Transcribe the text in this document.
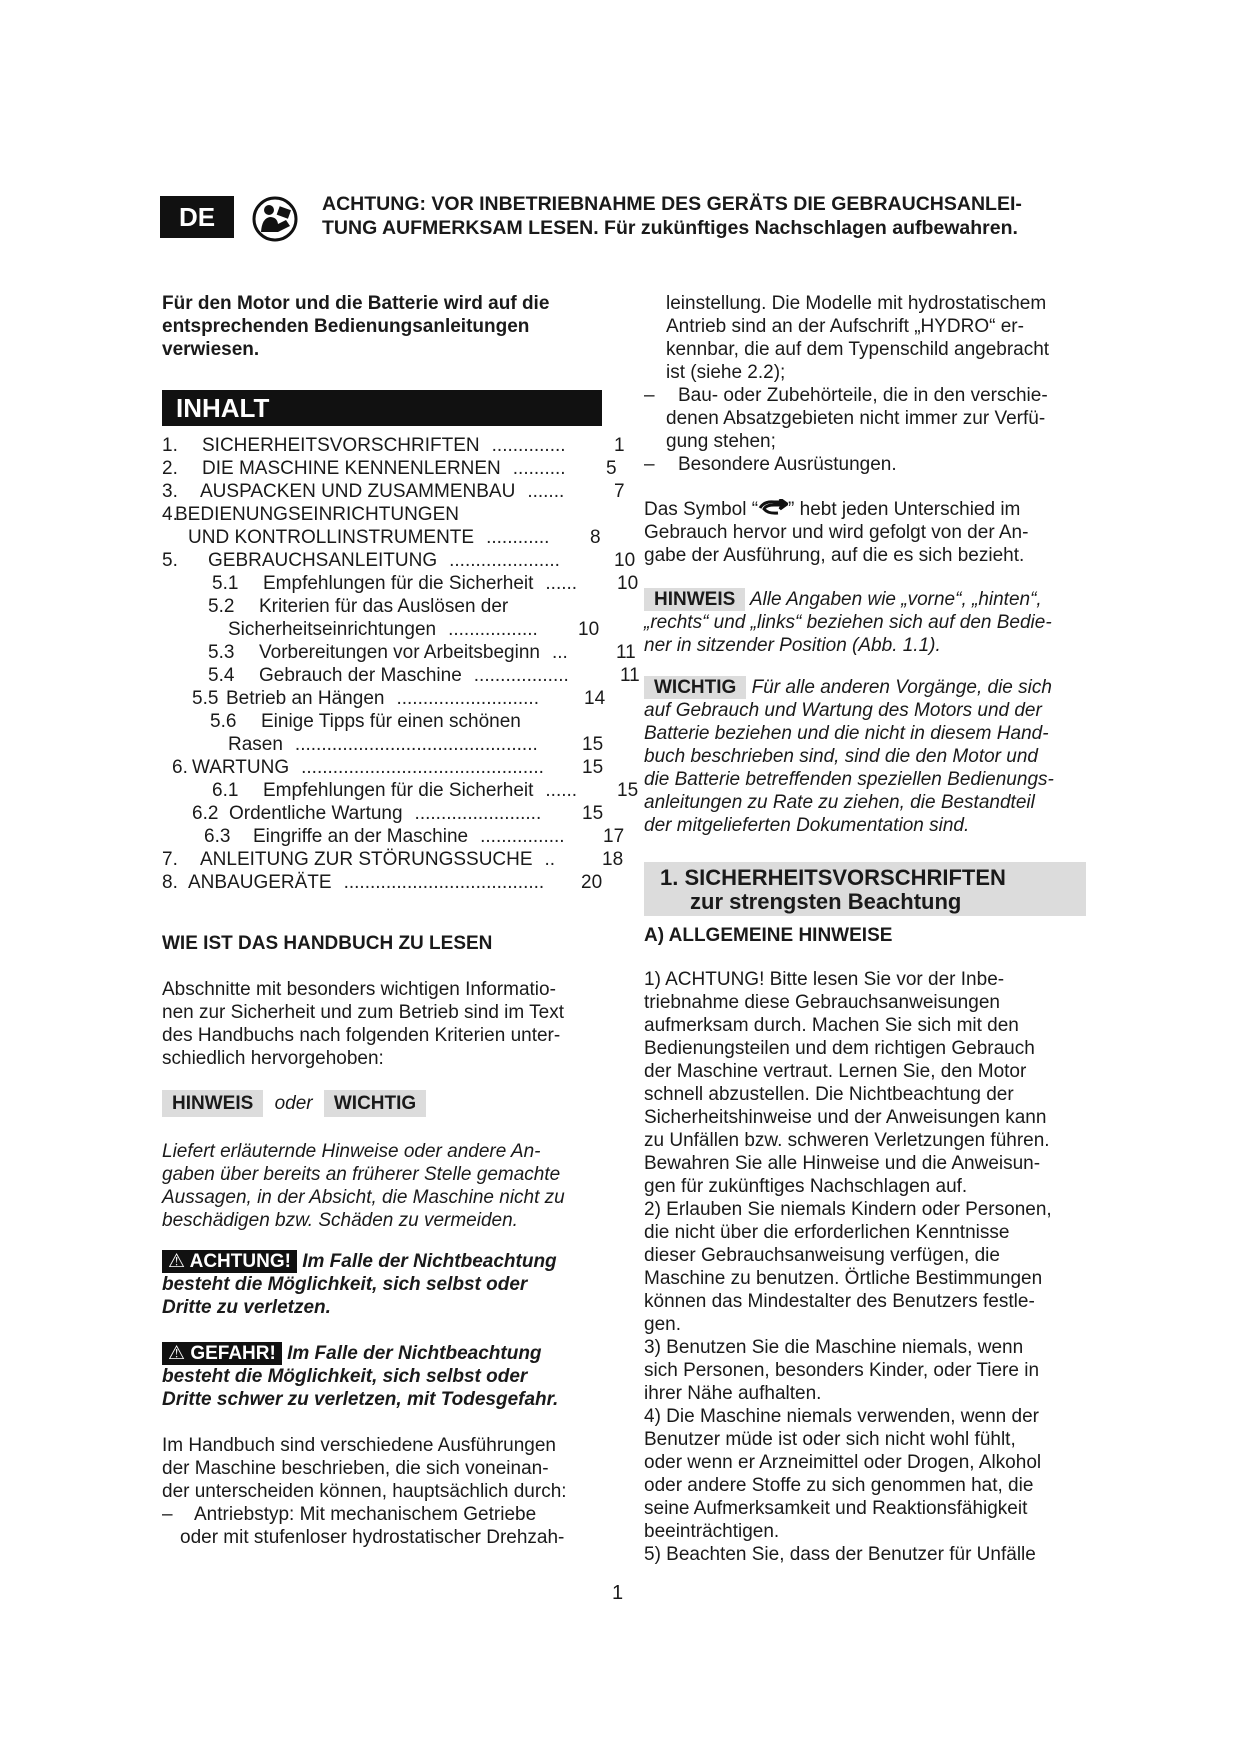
DE	ACHTUNG: VOR INBETRIEBNAHME DES GERÄTS DIE GEBRAUCHSANLEI-
TUNG AUFMERKSAM LESEN. Für zukünftiges Nachschlagen aufbewahren.
Für den Motor und die Batterie wird auf die
entsprechenden Bedienungsanleitungen
verwiesen.
INHALT
1. SICHERHEITSVORSCHRIFTEN ..............	1
2. DIE MASCHINE KENNENLERNEN .......... 5
3. AUSPACKEN UND ZUSAMMENBAU .......	7
4.
BEDIENUNGSEINRICHTUNGEN
UND KONTROLLINSTRUMENTE ............ 8
5. GEBRAUCHSANLEITUNG .....................	10
5.1 Empfehlungen für die Sicherheit ...... 10
5.2 Kriterien für das Auslösen der
Sicherheitseinrichtungen ................. 10
5.3 Vorbereitungen vor Arbeitsbeginn ...	11
5.4 Gebrauch der Maschine ..................	11
5.5 Betrieb an Hängen ........................... 14
5.6 Einige Tipps für einen schönen
Rasen .............................................. 15
6. WARTUNG .............................................. 15
6.1 Empfehlungen für die Sicherheit ...... 15
6.2 Ordentliche Wartung ........................ 15
6.3 Eingriffe an der Maschine ................ 17
7. ANLEITUNG ZUR STÖRUNGSSUCHE .. 18
8. ANBAUGERÄTE ...................................... 20
WIE IST DAS HANDBUCH ZU LESEN
Abschnitte mit besonders wichtigen Informatio-
nen zur Sicherheit und zum Betrieb sind im Text
des Handbuchs nach folgenden Kriterien unter-
schiedlich hervorgehoben:
HINWEIS oder WICHTIG
Liefert erläuternde Hinweise oder andere An-
gaben über bereits an früherer Stelle gemachte
Aussagen, in der Absicht, die Maschine nicht zu
beschädigen bzw. Schäden zu vermeiden.
⚠ ACHTUNG! Im Falle der Nichtbeachtung
besteht die Möglichkeit, sich selbst oder
Dritte zu verletzen.
⚠ GEFAHR! Im Falle der Nichtbeachtung
besteht die Möglichkeit, sich selbst oder
Dritte schwer zu verletzen, mit Todesgefahr.
Im Handbuch sind verschiedene Ausführungen
der Maschine beschrieben, die sich voneinan-
der unterscheiden können, hauptsächlich durch:
– Antriebstyp: Mit mechanischem Getriebe
oder mit stufenloser hydrostatischer Drehzah-
leinstellung. Die Modelle mit hydrostatischem
Antrieb sind an der Aufschrift „HYDRO“ er-
kennbar, die auf dem Typenschild angebracht
ist (siehe 2.2);
– Bau- oder Zubehörteile, die in den verschie-
denen Absatzgebieten nicht immer zur Verfü-
gung stehen;
– Besondere Ausrüstungen.
Das Symbol “ ” hebt jeden Unterschied im
Gebrauch hervor und wird gefolgt von der An-
gabe der Ausführung, auf die es sich bezieht.
HINWEIS Alle Angaben wie „vorne“, „hinten“,
„rechts“ und „links“ beziehen sich auf den Bedie-
ner in sitzender Position (Abb. 1.1).
WICHTIG Für alle anderen Vorgänge, die sich
auf Gebrauch und Wartung des Motors und der
Batterie beziehen und die nicht in diesem Hand-
buch beschrieben sind, sind die den Motor und
die Batterie betreffenden speziellen Bedienungs-
anleitungen zu Rate zu ziehen, die Bestandteil
der mitgelieferten Dokumentation sind.
1. SICHERHEITSVORSCHRIFTEN
zur strengsten Beachtung
A) ALLGEMEINE HINWEISE
1) ACHTUNG! Bitte lesen Sie vor der Inbe-
triebnahme diese Gebrauchsanweisungen
aufmerksam durch. Machen Sie sich mit den
Bedienungsteilen und dem richtigen Gebrauch
der Maschine vertraut. Lernen Sie, den Motor
schnell abzustellen. Die Nichtbeachtung der
Sicherheitshinweise und der Anweisungen kann
zu Unfällen bzw. schweren Verletzungen führen.
Bewahren Sie alle Hinweise und die Anweisun-
gen für zukünftiges Nachschlagen auf.
2) Erlauben Sie niemals Kindern oder Personen,
die nicht über die erforderlichen Kenntnisse
dieser Gebrauchsanweisung verfügen, die
Maschine zu benutzen. Örtliche Bestimmungen
können das Mindestalter des Benutzers festle-
gen.
3) Benutzen Sie die Maschine niemals, wenn
sich Personen, besonders Kinder, oder Tiere in
ihrer Nähe aufhalten.
4) Die Maschine niemals verwenden, wenn der
Benutzer müde ist oder sich nicht wohl fühlt,
oder wenn er Arzneimittel oder Drogen, Alkohol
oder andere Stoffe zu sich genommen hat, die
seine Aufmerksamkeit und Reaktionsfähigkeit
beeinträchtigen.
5) Beachten Sie, dass der Benutzer für Unfälle
1
